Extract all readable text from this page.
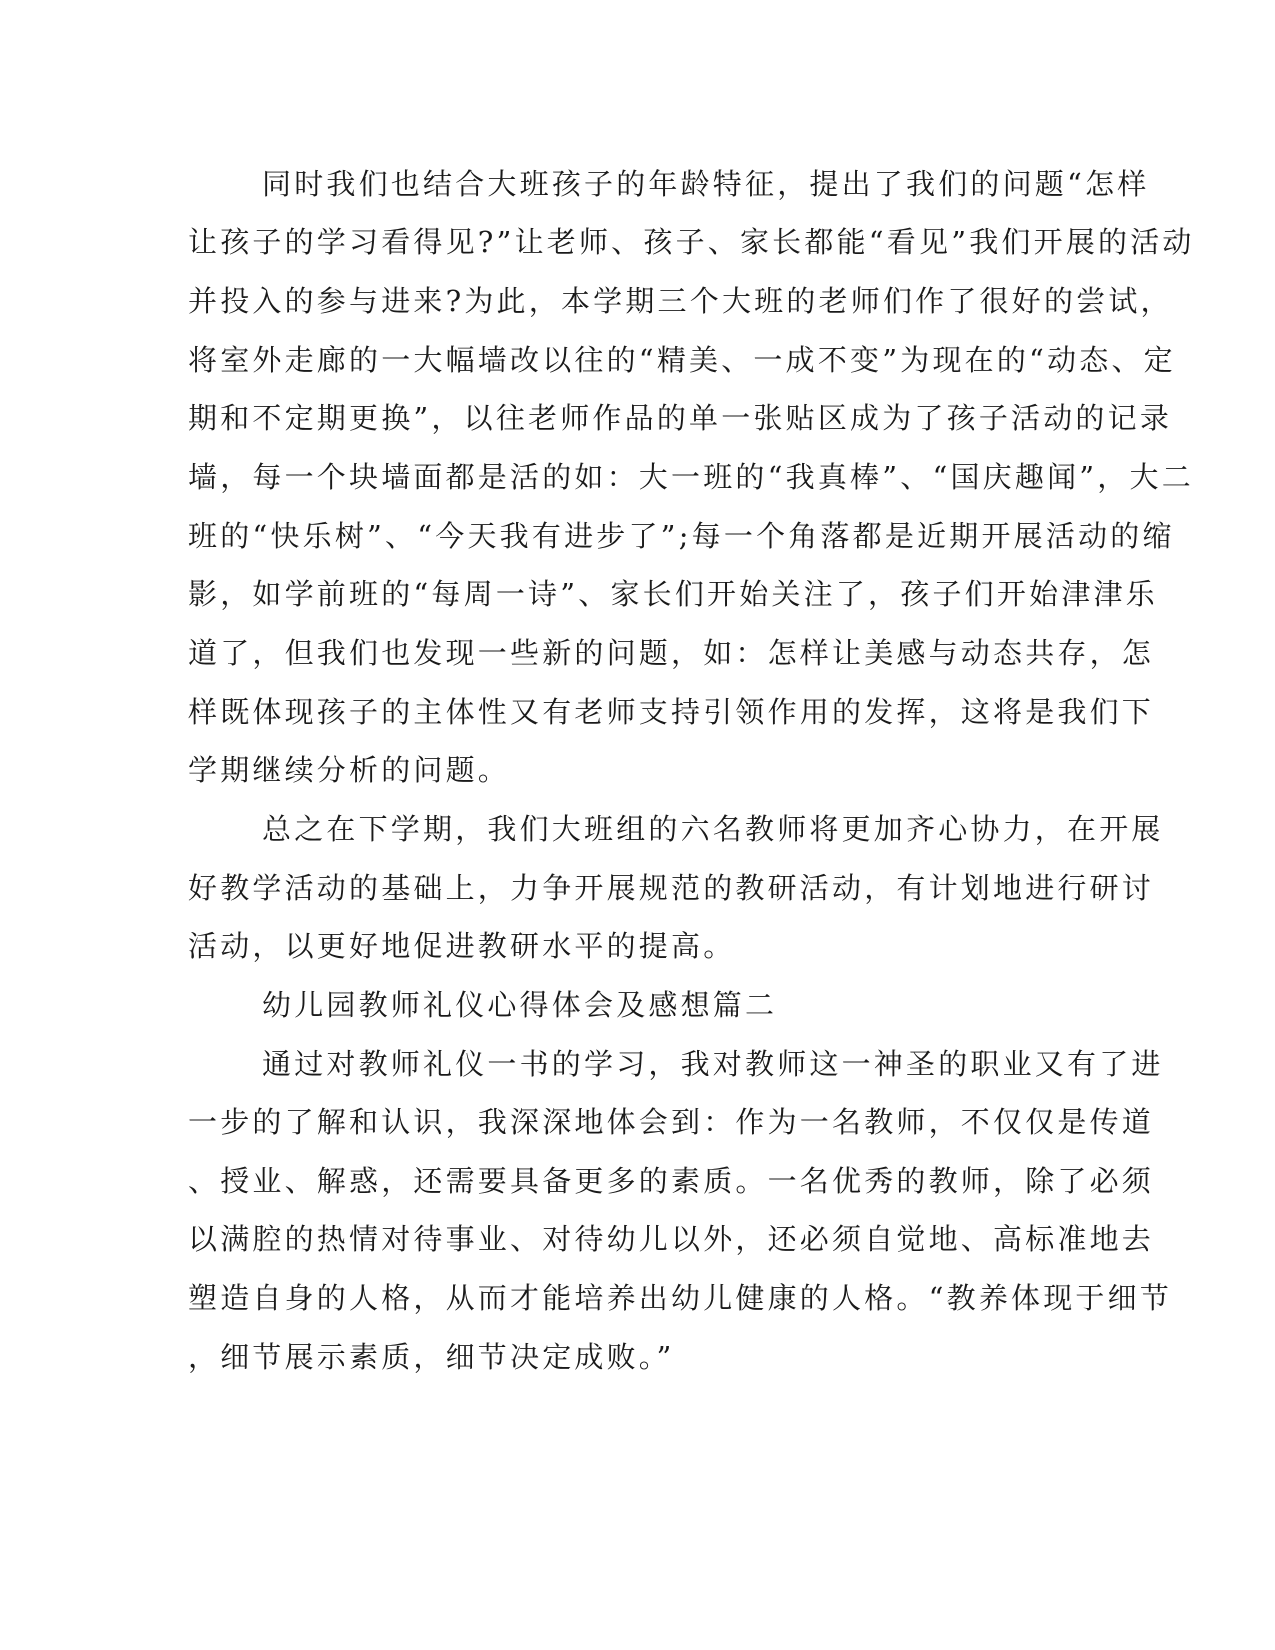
同时我们也结合大班孩子的年龄特征，提出了我们的问题“怎样
让孩子的学习看得见?”让老师、孩子、家长都能“看见”我们开展的活动
并投入的参与进来?为此，本学期三个大班的老师们作了很好的尝试，
将室外走廊的一大幅墙改以往的“精美、一成不变”为现在的“动态、定
期和不定期更换”，以往老师作品的单一张贴区成为了孩子活动的记录
墙，每一个块墙面都是活的如：大一班的“我真棒”、“国庆趣闻”，大二
班的“快乐树”、“今天我有进步了”;每一个角落都是近期开展活动的缩
影，如学前班的“每周一诗”、家长们开始关注了，孩子们开始津津乐
道了，但我们也发现一些新的问题，如：怎样让美感与动态共存，怎
样既体现孩子的主体性又有老师支持引领作用的发挥，这将是我们下
学期继续分析的问题。
总之在下学期，我们大班组的六名教师将更加齐心协力，在开展
好教学活动的基础上，力争开展规范的教研活动，有计划地进行研讨
活动，以更好地促进教研水平的提高。
幼儿园教师礼仪心得体会及感想篇二
通过对教师礼仪一书的学习，我对教师这一神圣的职业又有了进
一步的了解和认识，我深深地体会到：作为一名教师，不仅仅是传道
、授业、解惑，还需要具备更多的素质。一名优秀的教师，除了必须
以满腔的热情对待事业、对待幼儿以外，还必须自觉地、高标准地去
塑造自身的人格，从而才能培养出幼儿健康的人格。“教养体现于细节
，细节展示素质，细节决定成败。”
